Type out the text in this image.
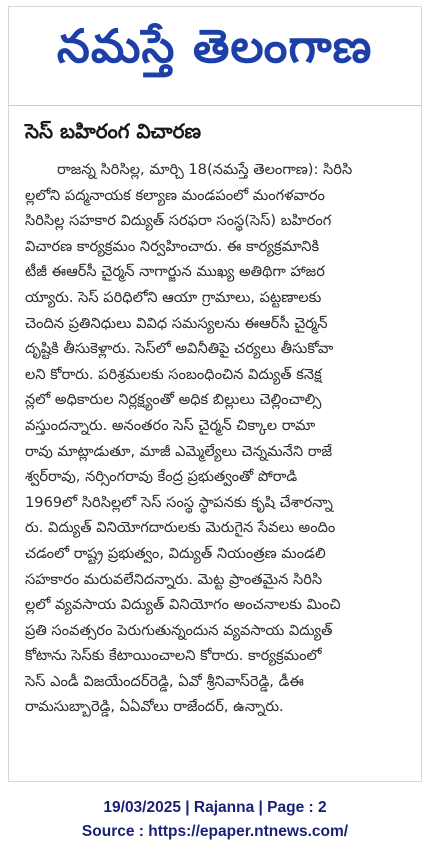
నమస్తే తెలంగాణ
సెస్ బహిరంగ విచారణ
రాజన్న సిరిసిల్ల, మార్చి 18(నమస్తే తెలంగాణ): సిరిసి
ల్లలోని పద్మనాయక కల్యాణ మండపంలో మంగళవారం
సిరిసిల్ల సహకార విద్యుత్ సరఫరా సంస్థ(సెస్) బహిరంగ
విచారణ కార్యక్రమం నిర్వహించారు. ఈ కార్యక్రమానికి
టీజీ ఈఆర్‌సీ చైర్మన్ నాగార్జున ముఖ్య అతిథిగా హాజర
య్యారు. సెస్ పరిధిలోని ఆయా గ్రామాలు, పట్టణాలకు
చెందిన ప్రతినిధులు వివిధ సమస్యలను ఈఆర్‌సీ చైర్మన్
దృష్టికి తీసుకెళ్లారు. సెస్‌లో అవినీతిపై చర్యలు తీసుకోవా
లని కోరారు. పరిశ్రమలకు సంబంధించిన విద్యుత్ కనెక్ష
న్లలో అధికారుల నిర్లక్ష్యంతో అధిక బిల్లులు చెల్లించాల్సి
వస్తుందన్నారు. అనంతరం సెస్ చైర్మన్ చిక్కాల రామా
రావు మాట్లాడుతూ, మాజీ ఎమ్మెల్యేలు చెన్నమనేని రాజే
శ్వర్‌రావు, నర్సింగరావు కేంద్ర ప్రభుత్వంతో పోరాడి
1969లో సిరిసిల్లలో సెస్ సంస్థ స్థాపనకు కృషి చేశారన్నా
రు. విద్యుత్ వినియోగదారులకు మెరుగైన సేవలు అందిం
చడంలో రాష్ట్ర ప్రభుత్వం, విద్యుత్ నియంత్రణ మండలి
సహకారం మరువలేనిదన్నారు. మెట్ట ప్రాంతమైన సిరిసి
ల్లలో వ్యవసాయ విద్యుత్ వినియోగం అంచనాలకు మించి
ప్రతి సంవత్సరం పెరుగుతున్నందున వ్యవసాయ విద్యుత్
కోటాను సెస్‌కు కేటాయించాలని కోరారు. కార్యక్రమంలో
సెస్ ఎండీ విజయేందర్‌రెడ్డి, ఏవో శ్రీనివాస్‌రెడ్డి, డీఈ
రామసుబ్బారెడ్డి, ఏఏవోలు రాజేందర్, ఉన్నారు.
19/03/2025 | Rajanna | Page : 2
Source : https://epaper.ntnews.com/
